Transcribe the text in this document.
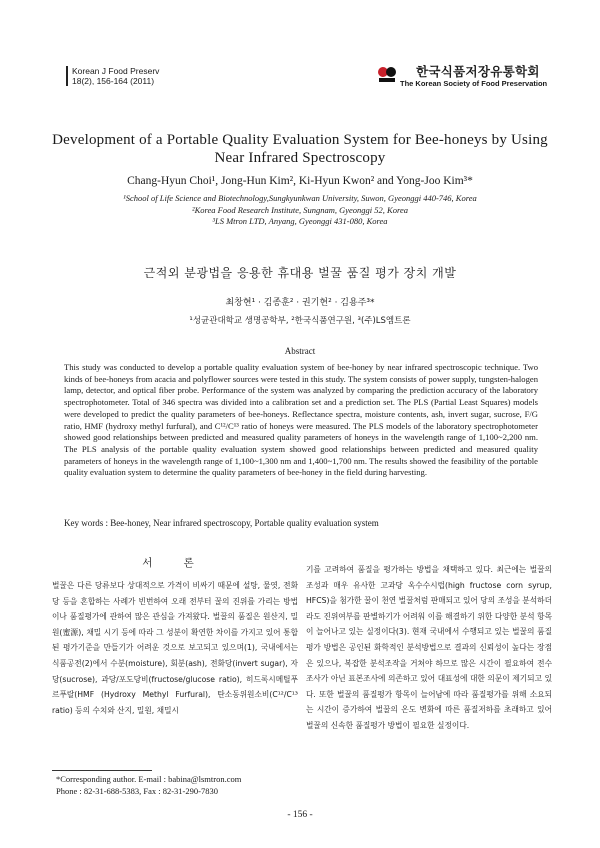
Korean J Food Preserv
18(2), 156-164 (2011)
한국식품저장유통학회
The Korean Society of Food Preservation
Development of a Portable Quality Evaluation System for Bee-honeys by Using Near Infrared Spectroscopy
Chang-Hyun Choi¹, Jong-Hun Kim², Ki-Hyun Kwon² and Yong-Joo Kim³*
¹School of Life Science and Biotechnology,Sungkyunkwan University, Suwon, Gyeonggi 440-746, Korea
²Korea Food Research Institute, Sungnam, Gyeonggi 52, Korea
³LS Mtron LTD, Anyang, Gyeonggi 431-080, Korea
근적외 분광법을 응용한 휴대용 벌꿀 품질 평가 장치 개발
최창현¹ · 김종훈² · 권기현² · 김용주³*
¹성균관대학교 생명공학부, ²한국식품연구원, ³(주)LS엠트론
Abstract
This study was conducted to develop a portable quality evaluation system of bee-honey by near infrared spectroscopic technique. Two kinds of bee-honeys from acacia and polyflower sources were tested in this study. The system consists of power supply, tungsten-halogen lamp, detector, and optical fiber probe. Performance of the system was analyzed by comparing the prediction accuracy of the laboratory spectrophotometer. Total of 346 spectra was divided into a calibration set and a prediction set. The PLS (Partial Least Squares) models were developed to predict the quality parameters of bee-honeys. Reflectance spectra, moisture contents, ash, invert sugar, sucrose, F/G ratio, HMF (hydroxy methyl furfural), and C¹²/C¹³ ratio of honeys were measured. The PLS models of the laboratory spectrophotometer showed good relationships between predicted and measured quality parameters of honeys in the wavelength range of 1,100~2,200 nm. The PLS analysis of the portable quality evaluation system showed good relationships between predicted and measured quality parameters of honeys in the wavelength range of 1,100~1,300 nm and 1,400~1,700 nm. The results showed the feasibility of the portable quality evaluation system to determine the quality parameters of bee-honey in the field during harvesting.
Key words : Bee-honey, Near infrared spectroscopy, Portable quality evaluation system
서 론
벌꿀은 다른 당류보다 상대적으로 가격이 비싸기 때문에 설탕, 물엿, 전화당 등을 혼합하는 사례가 빈번하여 오래 전부터 꿀의 진위를 가리는 방법이나 품질평가에 관하여 많은 관심을 가져왔다. 벌꿀의 품질은 원산지, 밀원(蜜源), 채밀 시기 등에 따라 그 성분이 확연한 차이를 가지고 있어 통합된 평가기준을 만들기가 어려운 것으로 보고되고 있으며(1), 국내에서는 식품공전(2)에서 수분(moisture), 회분(ash), 전화당(invert sugar), 자당(sucrose), 과당/포도당비(fructose/glucose ratio), 히드록시메틸푸르푸랄(HMF (Hydroxy Methyl Furfural), 탄소동위원소비(C¹²/C¹³ ratio) 등의 수치와 산지, 밀원, 채밀시
기를 고려하여 품질을 평가하는 방법을 채택하고 있다. 최근에는 벌꿀의 조성과 매우 유사한 고과당 옥수수시럽(high fructose corn syrup, HFCS)을 첨가한 꿀이 천연 벌꿀처럼 판매되고 있어 당의 조성을 분석하더라도 진위여부를 판별하기가 어려워 이를 해결하기 위한 다양한 분석 항목이 늘어나고 있는 실정이다(3). 현재 국내에서 수행되고 있는 벌꿀의 품질평가 방법은 공인된 화학적인 분석방법으로 결과의 신뢰성이 높다는 장점은 있으나, 복잡한 분석조작을 거쳐야 하므로 많은 시간이 필요하여 전수조사가 아닌 표본조사에 의존하고 있어 대표성에 대한 의문이 제기되고 있다. 또한 벌꿀의 품질평가 항목이 늘어남에 따라 품질평가를 위해 소요되는 시간이 증가하여 벌꿀의 온도 변화에 따른 품질저하를 초래하고 있어 벌꿀의 신속한 품질평가 방법이 필요한 실정이다.
*Corresponding author. E-mail : babina@lsmtron.com
Phone : 82-31-688-5383, Fax : 82-31-290-7830
- 156 -
